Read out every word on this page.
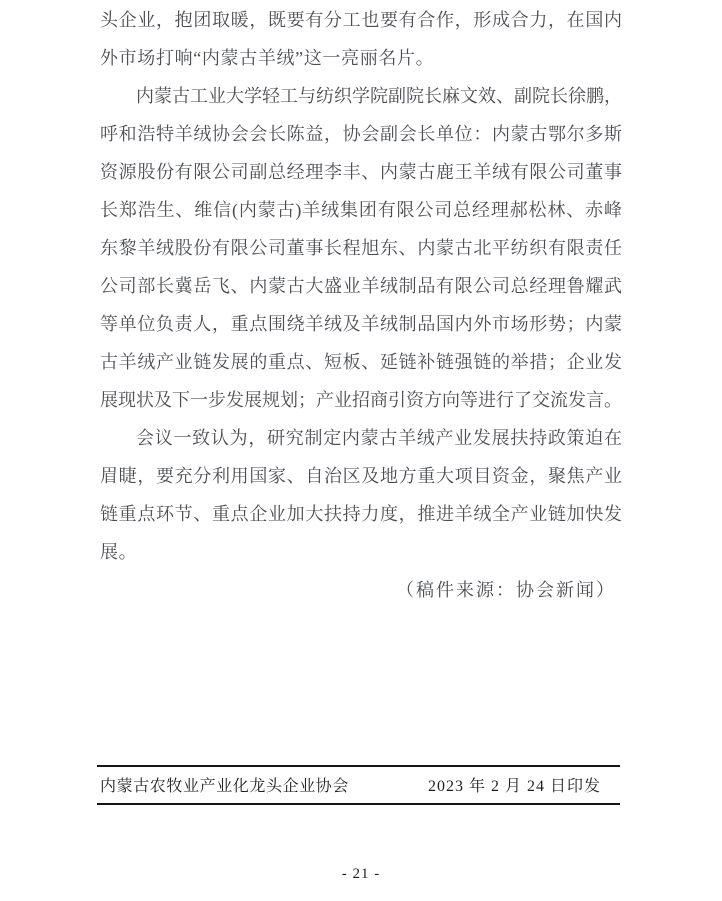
头企业，抱团取暖，既要有分工也要有合作，形成合力，在国内
外市场打响“内蒙古羊绒”这一亮丽名片。
内蒙古工业大学轻工与纺织学院副院长麻文效、副院长徐鹏，
呼和浩特羊绒协会会长陈益，协会副会长单位：内蒙古鄂尔多斯
资源股份有限公司副总经理李丰、内蒙古鹿王羊绒有限公司董事
长郑浩生、维信(内蒙古)羊绒集团有限公司总经理郝松林、赤峰
东黎羊绒股份有限公司董事长程旭东、内蒙古北平纺织有限责任
公司部长冀岳飞、内蒙古大盛业羊绒制品有限公司总经理鲁耀武
等单位负责人，重点围绕羊绒及羊绒制品国内外市场形势；内蒙
古羊绒产业链发展的重点、短板、延链补链强链的举措；企业发
展现状及下一步发展规划；产业招商引资方向等进行了交流发言。
会议一致认为，研究制定内蒙古羊绒产业发展扶持政策迫在
眉睫，要充分利用国家、自治区及地方重大项目资金，聚焦产业
链重点环节、重点企业加大扶持力度，推进羊绒全产业链加快发
展。
（稿件来源：协会新闻）
内蒙古农牧业产业化龙头企业协会	2023 年 2 月 24 日印发
- 21 -
